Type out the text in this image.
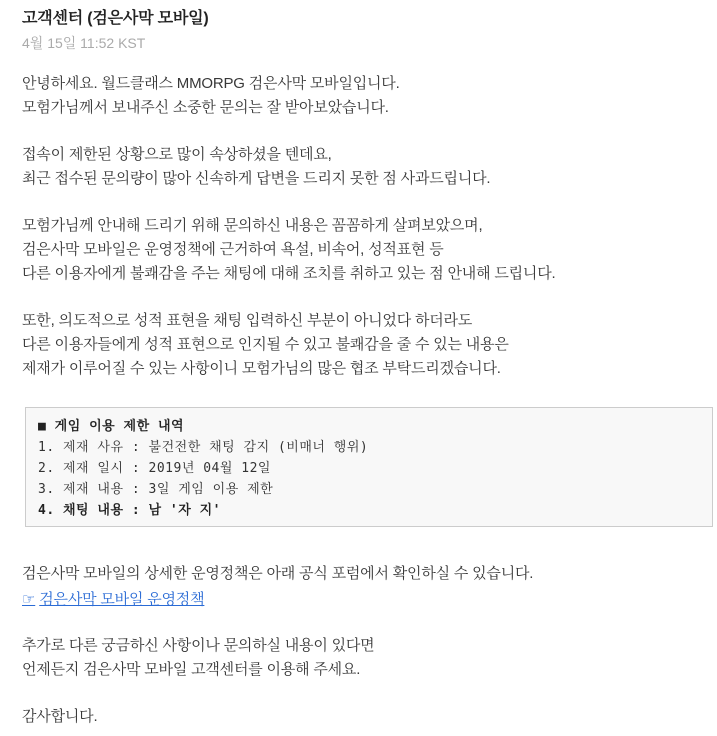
고객센터 (검은사막 모바일)
4월 15일 11:52 KST

안녕하세요. 월드클래스 MMORPG 검은사막 모바일입니다.
모험가님께서 보내주신 소중한 문의는 잘 받아보았습니다.

접속이 제한된 상황으로 많이 속상하셨을 텐데요,
최근 접수된 문의량이 많아 신속하게 답변을 드리지 못한 점 사과드립니다.

모험가님께 안내해 드리기 위해 문의하신 내용은 꼼꼼하게 살펴보았으며,
검은사막 모바일은 운영정책에 근거하여 욕설, 비속어, 성적표현 등
다른 이용자에게 불쾌감을 주는 채팅에 대해 조치를 취하고 있는 점 안내해 드립니다.

또한, 의도적으로 성적 표현을 채팅 입력하신 부분이 아니었다 하더라도
다른 이용자들에게 성적 표현으로 인지될 수 있고 불쾌감을 줄 수 있는 내용은
제재가 이루어질 수 있는 사항이니 모험가님의 많은 협조 부탁드리겠습니다.

■ 게임 이용 제한 내역
1. 제재 사유 : 불건전한 채팅 감지 (비매너 행위)
2. 제재 일시 : 2019년 04월 12일
3. 제재 내용 : 3일 게임 이용 제한
4. 채팅 내용 : 남 '자 지'

검은사막 모바일의 상세한 운영정책은 아래 공식 포럼에서 확인하실 수 있습니다.

☞ 검은사막 모바일 운영정책

추가로 다른 궁금하신 사항이나 문의하실 내용이 있다면
언제든지 검은사막 모바일 고객센터를 이용해 주세요.

감사합니다.
